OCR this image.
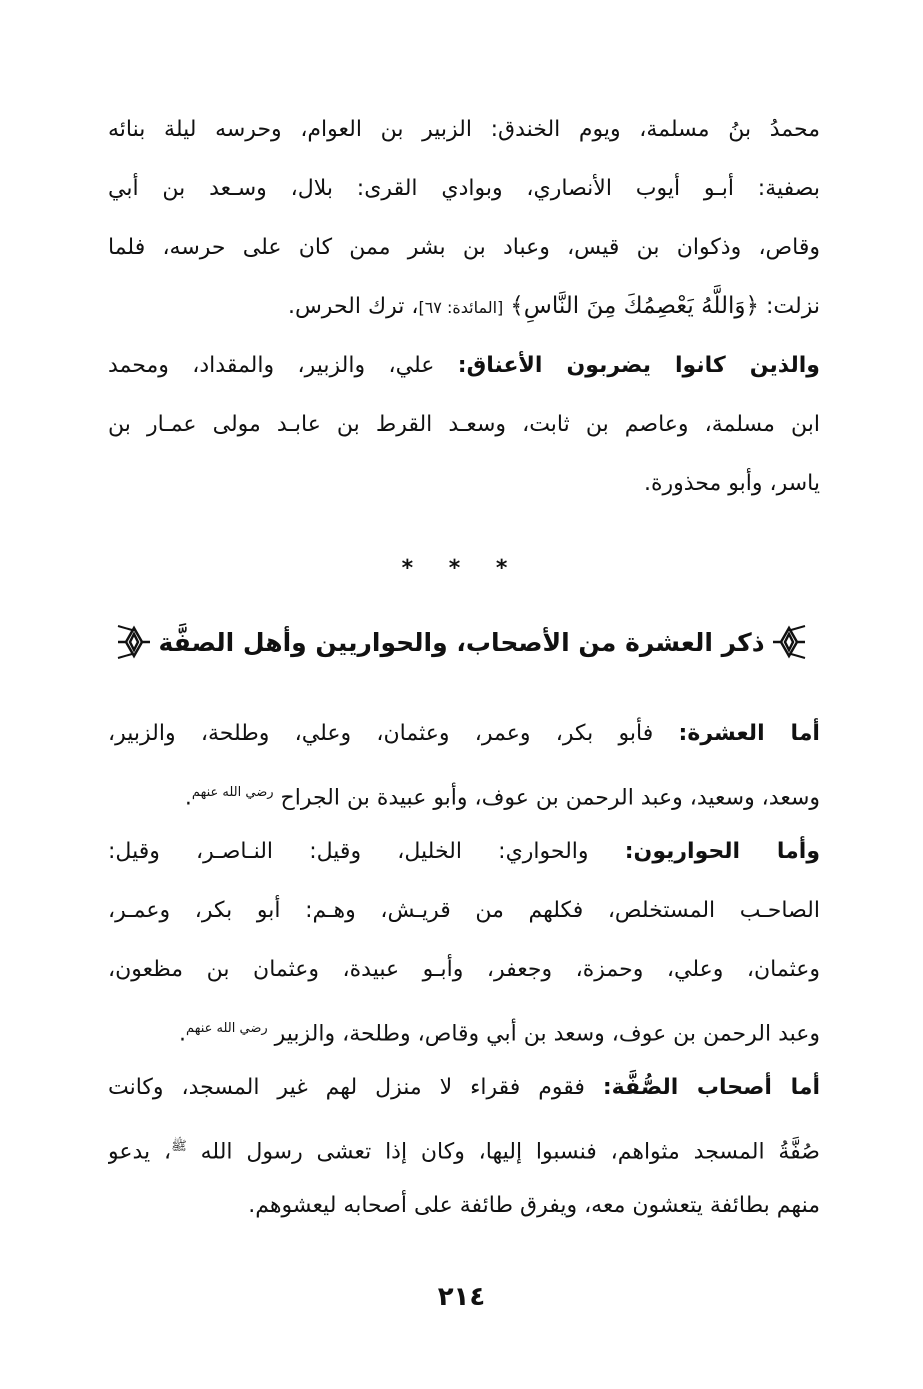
محمدُ بنُ مسلمة، ويوم الخندق: الزبير بن العوام، وحرسه ليلة بنائه
بصفية: أبـو أيوب الأنصاري، وبوادي القرى: بلال، وسـعد بن أبي
وقاص، وذكوان بن قيس، وعباد بن بشر ممن كان على حرسه، فلما
نزلت: ﴿وَاللَّهُ يَعْصِمُكَ مِنَ النَّاسِ﴾ [المائدة: ٦٧]، ترك الحرس.
والذين كانوا يضربون الأعناق: علي، والزبير، والمقداد، ومحمد
ابن مسلمة، وعاصم بن ثابت، وسعـد القرط بن عابـد مولى عمـار بن
ياسر، وأبو محذورة.
* * *
ذكر العشرة من الأصحاب، والحواريين وأهل الصفَّة
أما العشرة: فأبو بكر، وعمر، وعثمان، وعلي، وطلحة، والزبير،
وسعد، وسعيد، وعبد الرحمن بن عوف، وأبو عبيدة بن الجراح $^{رضي الله عنهم}$.
وأما الحواريون: والحواري: الخليل، وقيل: النـاصـر، وقيل:
الصاحـب المستخلص، فكلهم من قريـش، وهـم: أبو بكر، وعمـر،
وعثمان، وعلي، وحمزة، وجعفر، وأبـو عبيدة، وعثمان بن مظعون،
وعبد الرحمن بن عوف، وسعد بن أبي وقاص، وطلحة، والزبير $^{رضي الله عنهم}$.
أما أصحاب الصُّفَّة: فقوم فقراء لا منزل لهم غير المسجد، وكانت
صُفَّةُ المسجد مثواهم، فنسبوا إليها، وكان إذا تعشى رسول الله $^ﷺ$، يدعو
منهم بطائفة يتعشون معه، ويفرق طائفة على أصحابه ليعشوهم.
٢١٤
